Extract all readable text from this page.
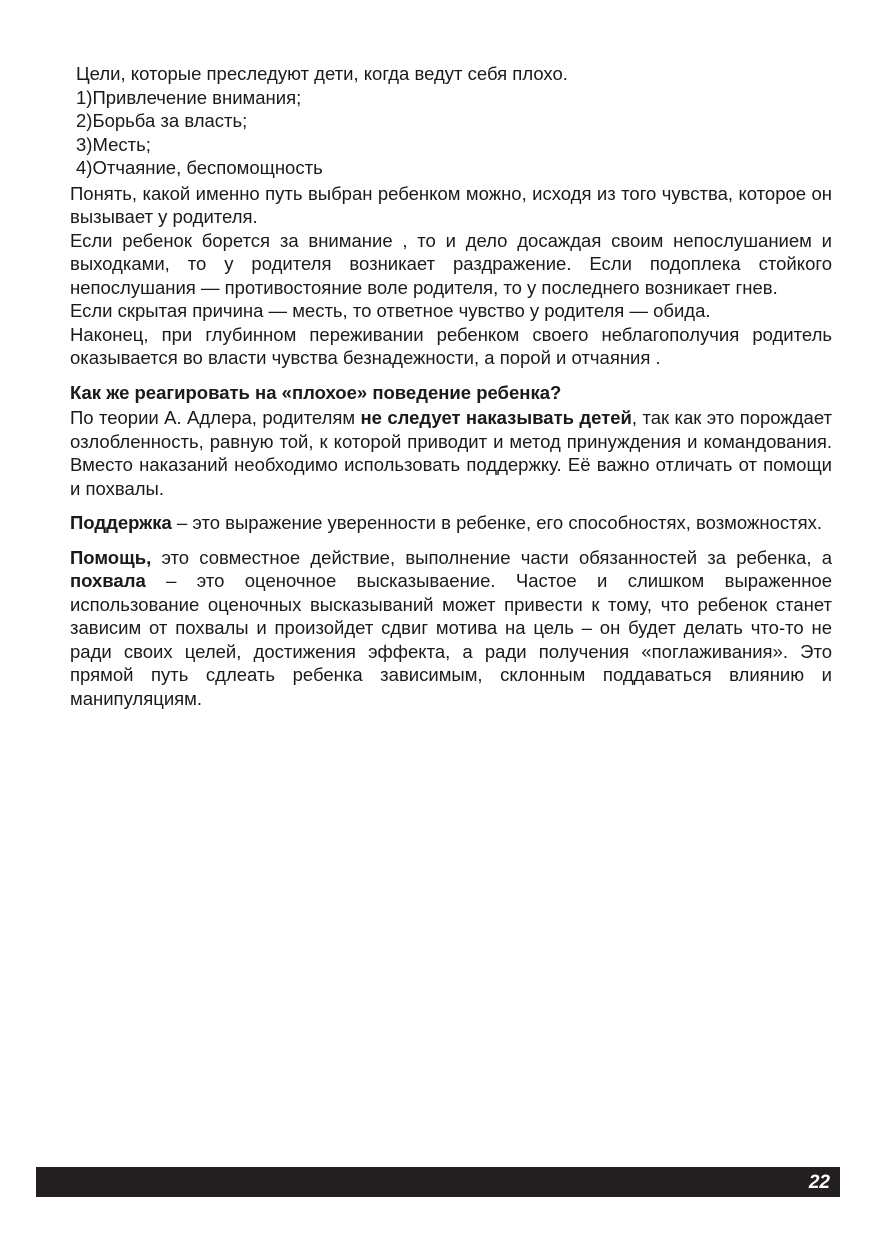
Цели, которые преследуют дети, когда ведут себя плохо.
1)Привлечение внимания;
2)Борьба за власть;
3)Месть;
4)Отчаяние, беспомощность

Понять, какой именно путь выбран ребенком можно, исходя из того чувства, которое он вызывает у родителя.

Если ребенок борется за внимание , то и дело досаждая своим непослушанием и выходками, то у родителя возникает раздражение. Если подоплека стойкого непослушания — противостояние воле родителя, то у последнего возникает гнев.

Если скрытая причина — месть, то ответное чувство у родителя — обида.

Наконец, при глубинном переживании ребенком своего неблагополучия родитель оказывается во власти чувства безнадежности, а порой и отчаяния .

Как же реагировать на «плохое» поведение ребенка?

По теории А. Адлера, родителям не следует наказывать детей, так как это порождает озлобленность, равную той, к которой приводит и метод принуждения и командования. Вместо наказаний необходимо использовать поддержку. Её важно отличать от помощи и похвалы.

Поддержка – это выражение уверенности в ребенке, его способностях, возможностях.

Помощь, это совместное действие, выполнение части обязанностей за ребенка, а похвала – это оценочное высказываение. Частое и слишком выраженное использование оценочных высказываний может привести к тому, что ребенок станет зависим от похвалы и произойдет сдвиг мотива на цель – он будет делать что-то не ради своих целей, достижения эффекта, а ради получения «поглаживания». Это прямой путь сдлеать ребенка зависимым, склонным поддаваться влиянию и манипуляциям.

22
